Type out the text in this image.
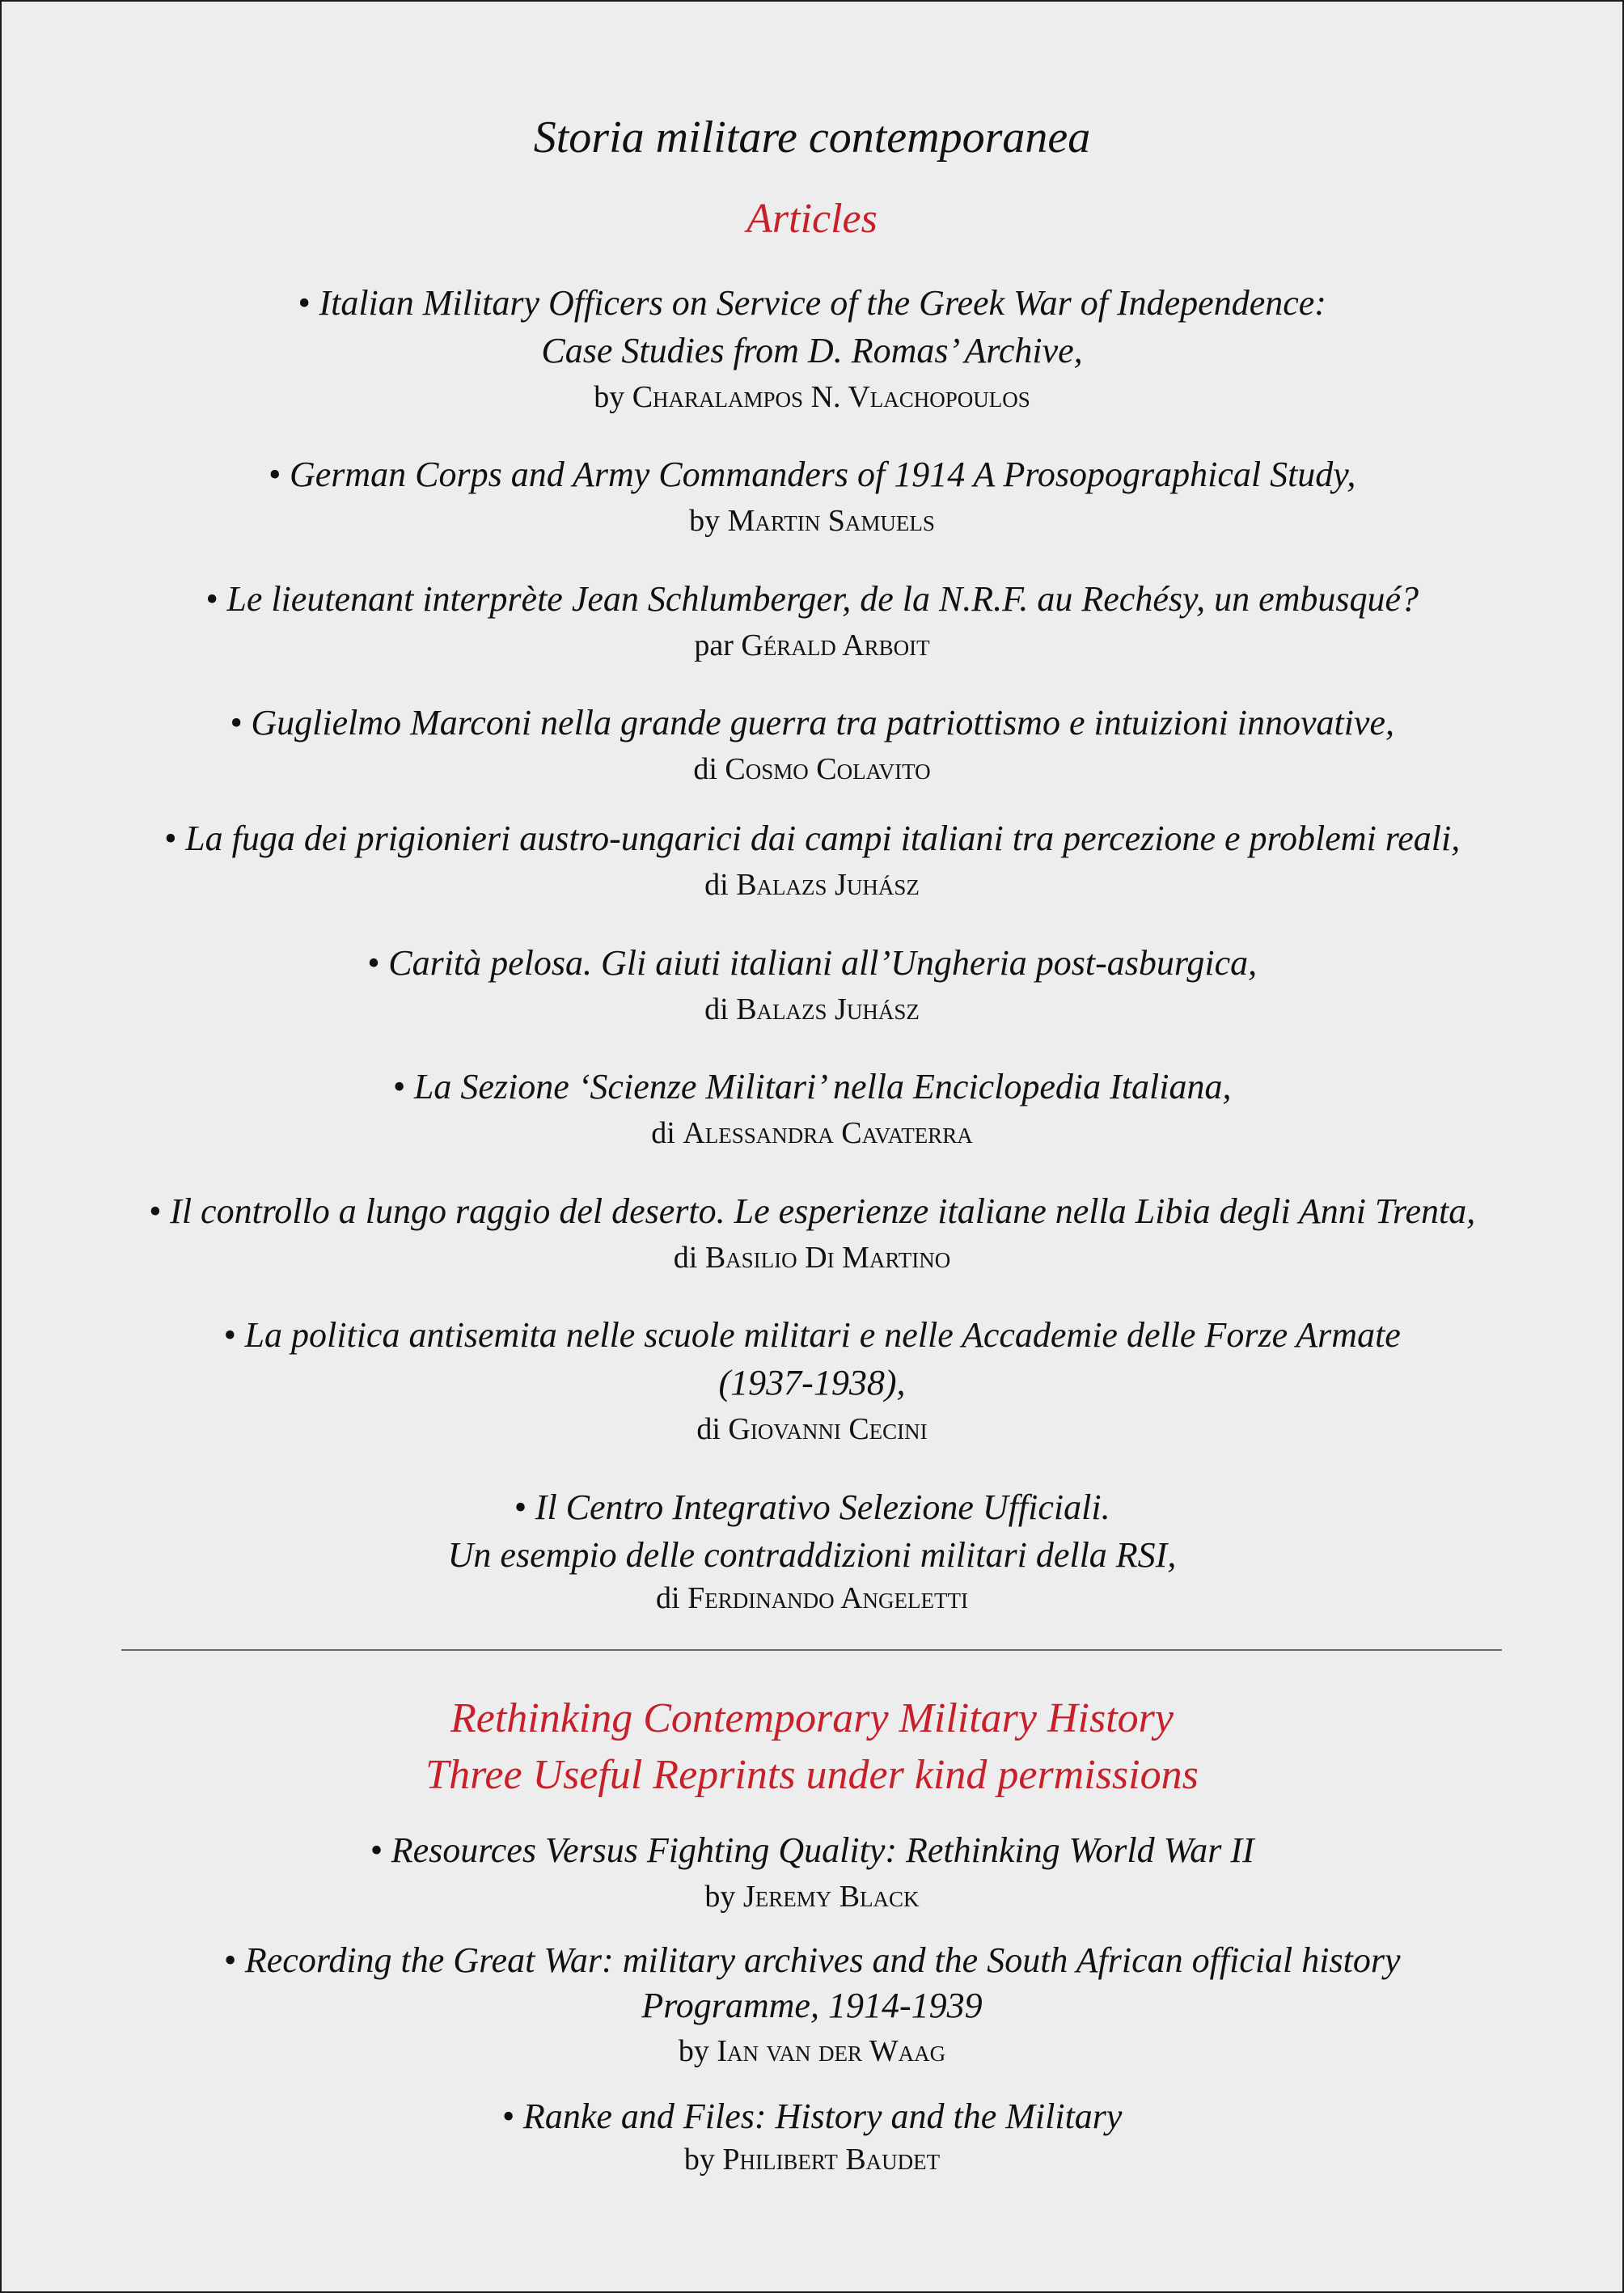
Storia militare contemporanea
Articles
• Italian Military Officers on Service of the Greek War of Independence:
Case Studies from D. Romas’ Archive,
by Charalampos N. Vlachopoulos
• German Corps and Army Commanders of 1914 A Prosopographical Study,
by Martin Samuels
• Le lieutenant interprète Jean Schlumberger, de la N.R.F. au Rechésy, un embusqué?
par Gérald Arboit
• Guglielmo Marconi nella grande guerra tra patriottismo e intuizioni innovative,
di Cosmo Colavito
• La fuga dei prigionieri austro-ungarici dai campi italiani tra percezione e problemi reali,
di Balazs Juhász
• Carità pelosa. Gli aiuti italiani all’Ungheria post-asburgica,
di Balazs Juhász
• La Sezione ‘Scienze Militari’ nella Enciclopedia Italiana,
di Alessandra Cavaterra
• Il controllo a lungo raggio del deserto. Le esperienze italiane nella Libia degli Anni Trenta,
di Basilio Di Martino
• La politica antisemita nelle scuole militari e nelle Accademie delle Forze Armate
(1937-1938),
di Giovanni Cecini
• Il Centro Integrativo Selezione Ufficiali.
Un esempio delle contraddizioni militari della RSI,
di Ferdinando Angeletti
Rethinking Contemporary Military History
Three Useful Reprints under kind permissions
• Resources Versus Fighting Quality: Rethinking World War II
by Jeremy Black
• Recording the Great War: military archives and the South African official history
Programme, 1914-1939
by Ian van der Waag
• Ranke and Files: History and the Military
by Philibert Baudet
